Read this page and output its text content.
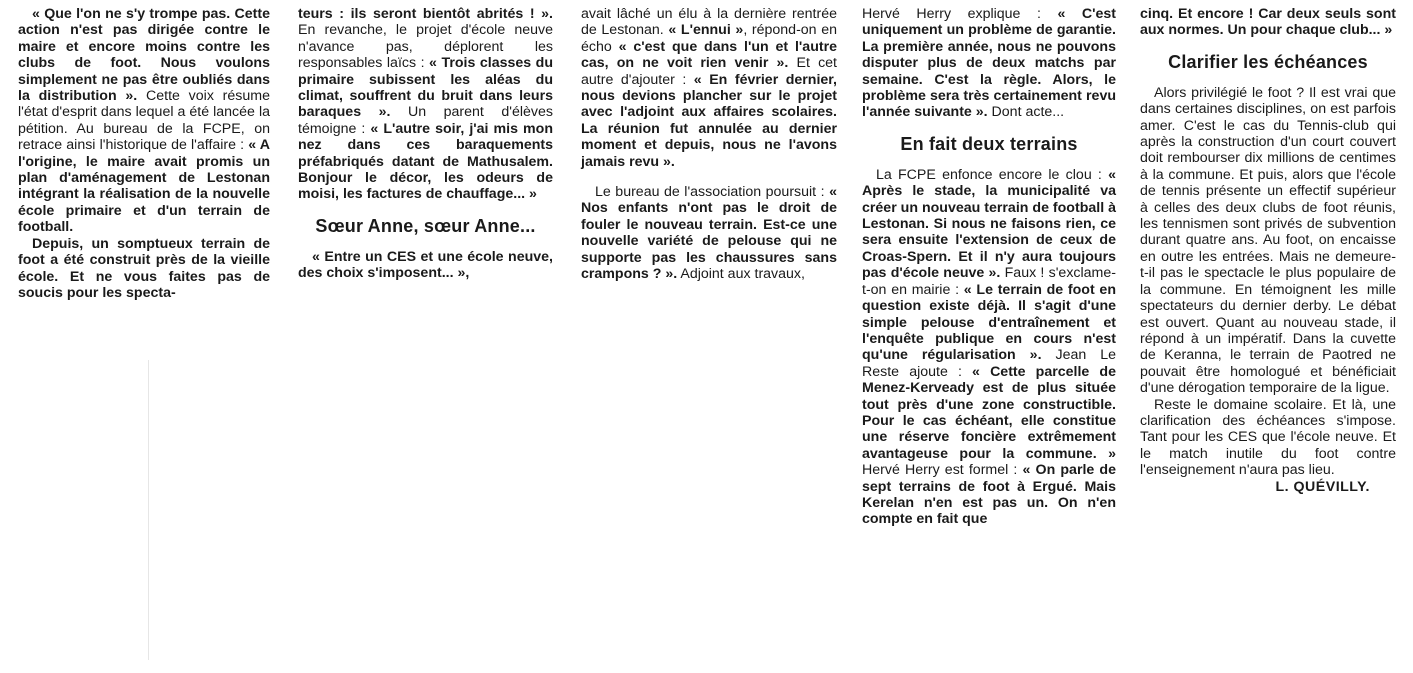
« Que l'on ne s'y trompe pas. Cette action n'est pas dirigée contre le maire et encore moins contre les clubs de foot. Nous voulons simplement ne pas être oubliés dans la distribution ». Cette voix résume l'état d'esprit dans lequel a été lancée la pétition. Au bureau de la FCPE, on retrace ainsi l'historique de l'affaire : « A l'origine, le maire avait promis un plan d'aménagement de Lestonan intégrant la réalisation de la nouvelle école primaire et d'un terrain de football.

Depuis, un somptueux terrain de foot a été construit près de la vieille école. Et ne vous faites pas de soucis pour les specta-

teurs : ils seront bientôt abrités ! ». En revanche, le projet d'école neuve n'avance pas, déplorent les responsables laïcs : « Trois classes du primaire subissent les aléas du climat, souffrent du bruit dans leurs baraques ». Un parent d'élèves témoigne : « L'autre soir, j'ai mis mon nez dans ces baraquements préfabriqués datant de Mathusalem. Bonjour le décor, les odeurs de moisi, les factures de chauffage... »

Sœur Anne, sœur Anne...

« Entre un CES et une école neuve, des choix s'imposent... »,

avait lâché un élu à la dernière rentrée de Lestonan. « L'ennui », répond-on en écho « c'est que dans l'un et l'autre cas, on ne voit rien venir ». Et cet autre d'ajouter : « En février dernier, nous devions plancher sur le projet avec l'adjoint aux affaires scolaires. La réunion fut annulée au dernier moment et depuis, nous ne l'avons jamais revu ».

Le bureau de l'association poursuit : « Nos enfants n'ont pas le droit de fouler le nouveau terrain. Est-ce une nouvelle variété de pelouse qui ne supporte pas les chaussures sans crampons ? ». Adjoint aux travaux,

Hervé Herry explique : « C'est uniquement un problème de garantie. La première année, nous ne pouvons disputer plus de deux matchs par semaine. C'est la règle. Alors, le problème sera très certainement revu l'année suivante ». Dont acte...

En fait deux terrains

La FCPE enfonce encore le clou : « Après le stade, la municipalité va créer un nouveau terrain de football à Lestonan. Si nous ne faisons rien, ce sera ensuite l'extension de ceux de Croas-Spern. Et il n'y aura toujours pas d'école neuve ». Faux ! s'exclame-t-on en mairie : « Le terrain de foot en question existe déjà. Il s'agit d'une simple pelouse d'entraînement et l'enquête publique en cours n'est qu'une régularisation ». Jean Le Reste ajoute : « Cette parcelle de Menez-Kerveady est de plus située tout près d'une zone constructible. Pour le cas échéant, elle constitue une réserve foncière extrêmement avantageuse pour la commune. » Hervé Herry est formel : « On parle de sept terrains de foot à Ergué. Mais Kerelan n'en est pas un. On n'en compte en fait que

cinq. Et encore ! Car deux seuls sont aux normes. Un pour chaque club... »

Clarifier les échéances

Alors privilégié le foot ? Il est vrai que dans certaines disciplines, on est parfois amer. C'est le cas du Tennis-club qui après la construction d'un court couvert doit rembourser dix millions de centimes à la commune. Et puis, alors que l'école de tennis présente un effectif supérieur à celles des deux clubs de foot réunis, les tennismen sont privés de subvention durant quatre ans. Au foot, on encaisse en outre les entrées. Mais ne demeure-t-il pas le spectacle le plus populaire de la commune. En témoignent les mille spectateurs du dernier derby. Le débat est ouvert. Quant au nouveau stade, il répond à un impératif. Dans la cuvette de Keranna, le terrain de Paotred ne pouvait être homologué et bénéficiait d'une dérogation temporaire de la ligue.

Reste le domaine scolaire. Et là, une clarification des échéances s'impose. Tant pour les CES que l'école neuve. Et le match inutile du foot contre l'enseignement n'aura pas lieu.

L. QUÉVILLY.
